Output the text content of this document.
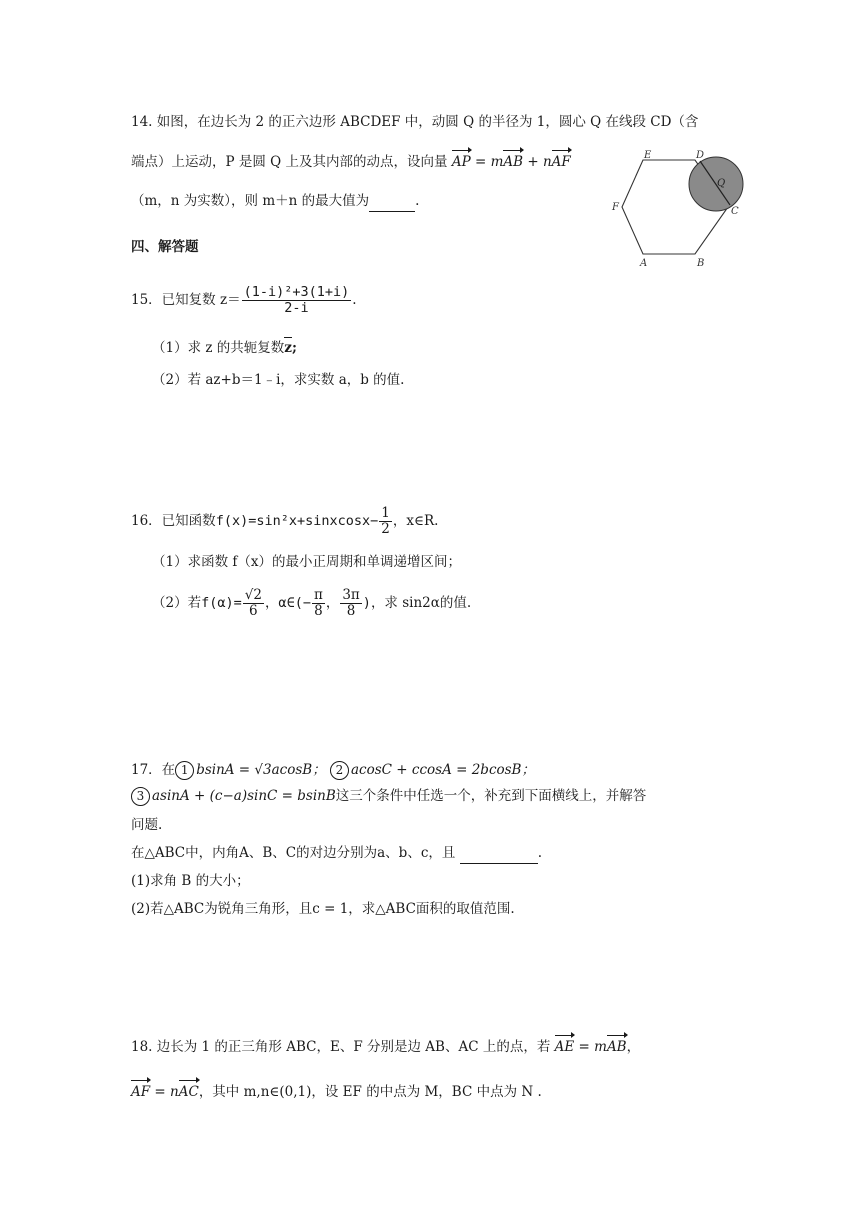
14. 如图，在边长为 2 的正六边形 ABCDEF 中，动圆 Q 的半径为 1，圆心 Q 在线段 CD（含
端点）上运动，P 是圆 Q 上及其内部的动点，设向量 AP = mAB + nAF
（m，n 为实数），则 m＋n 的最大值为	.
E	D
F	C
A	B
Q
四、解答题
15．已知复数 $z= \frac{\text{(1-i)²+3(1+i)}}{2-i}$ .
（1）求 z 的共轭复数z;
（2）若 az+b＝1﹣i，求实数 a，b 的值.
16．已知函数f(x)=sin²x+sinxcosx− $\frac{1}{2}$ ，x∈R.
（1）求函数 f（x）的最小正周期和单调递增区间；
（2）若$f(\alpha)= \frac{√2}{6}$ ，α∈(− $\frac{\pi}{8}$ ， $\frac{3\pi}{8}$ )，求 sin2α的值.
17．在 1 bsinA = √3acosB； 2 acosC + ccosA = 2bcosB；
3 asinA + (c−a)sinC = bsinB这三个条件中任选一个，补充到下面横线上，并解答
问题.
在△ABC中，内角A、B、C的对边分别为a、b、c，且	.
(1)求角 B 的大小；
(2)若△ABC为锐角三角形，且c = 1，求△ABC面积的取值范围.
18. 边长为 1 的正三角形 ABC，E、F 分别是边 AB、AC 上的点，若 AE = mAB，
AF = nAC，其中 m,n∈(0,1)，设 EF 的中点为 M，BC 中点为 N .
